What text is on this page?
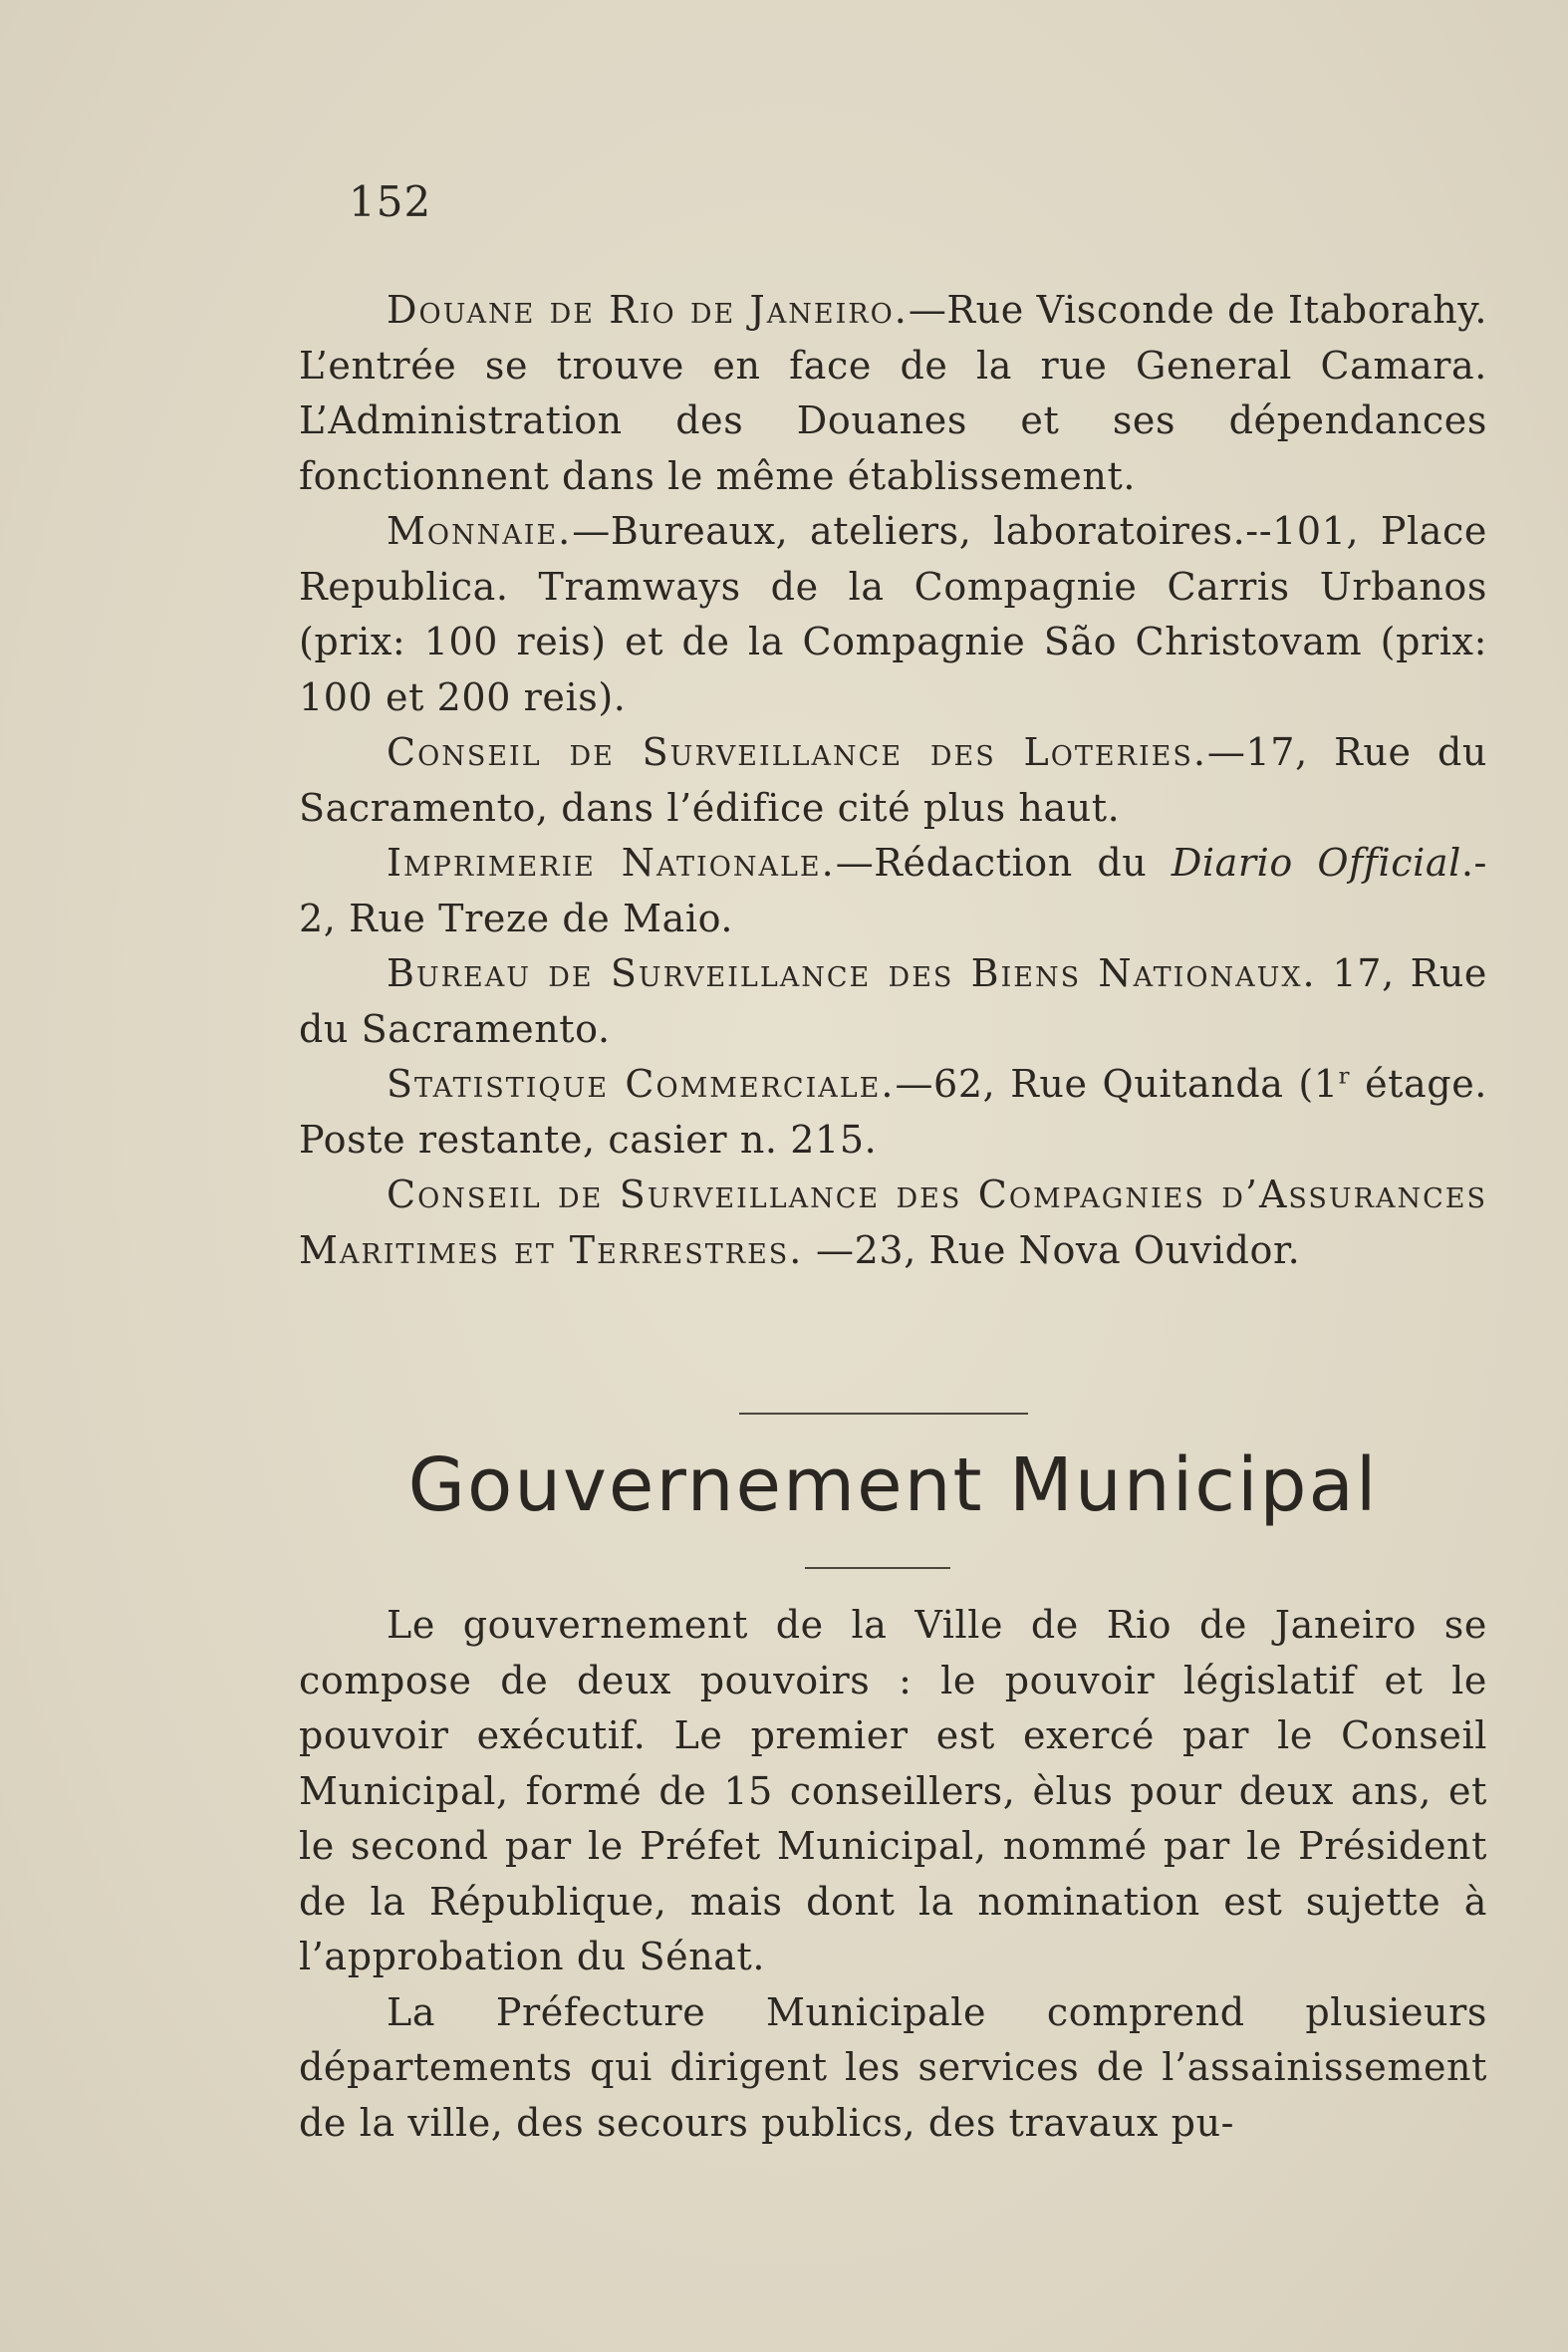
152

Douane de Rio de Janeiro.—Rue Visconde de Itaborahy. L’entrée se trouve en face de la rue General Camara. L’Administration des Douanes et ses dépendances fonctionnent dans le même établissement.

Monnaie.—Bureaux, ateliers, laboratoires.--101, Place Republica. Tramways de la Compagnie Carris Urbanos (prix: 100 reis) et de la Compagnie São Christovam (prix: 100 et 200 reis).

Conseil de Surveillance des Loteries.—17, Rue du Sacramento, dans l’édifice cité plus haut.

Imprimerie Nationale.—Rédaction du Diario Official.- 2, Rue Treze de Maio.

Bureau de Surveillance des Biens Nationaux. 17, Rue du Sacramento.

Statistique Commerciale.—62, Rue Quitanda (1$^r$ étage. Poste restante, casier n. 215.

Conseil de Surveillance des Compagnies d’Assurances Maritimes et Terrestres. —23, Rue Nova Ouvidor.

Gouvernement Municipal

Le gouvernement de la Ville de Rio de Janeiro se compose de deux pouvoirs : le pouvoir législatif et le pouvoir exécutif. Le premier est exercé par le Conseil Municipal, formé de 15 conseillers, èlus pour deux ans, et le second par le Préfet Municipal, nommé par le Président de la République, mais dont la nomination est sujette à l’approbation du Sénat.

La Préfecture Municipale comprend plusieurs départements qui dirigent les services de l’assainissement de la ville, des secours publics, des travaux pu-
